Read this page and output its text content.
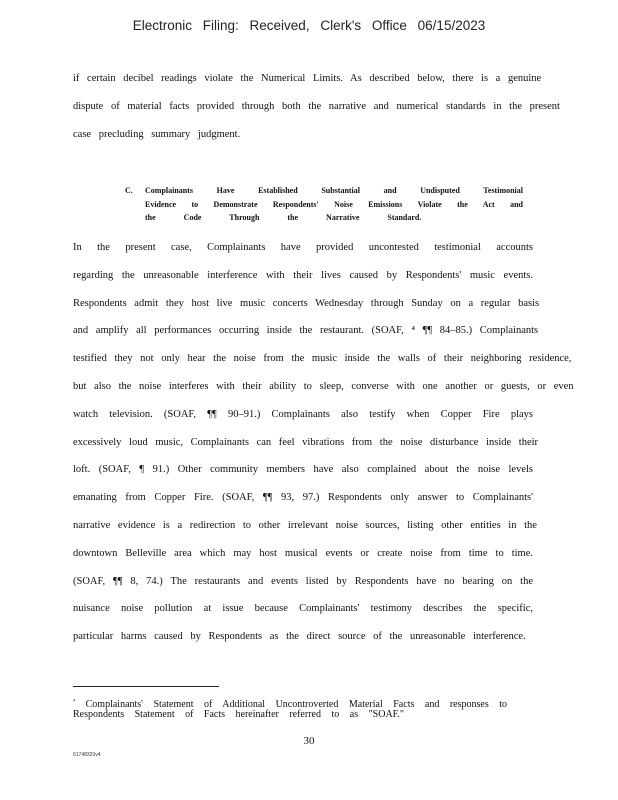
Electronic Filing: Received, Clerk's Office 06/15/2023
if certain decibel readings violate the Numerical Limits. As described below, there is a genuine
dispute of material facts provided through both the narrative and numerical standards in the present
case precluding summary judgment.
C. Complainants Have Established Substantial and Undisputed Testimonial
Evidence to Demonstrate Respondents' Noise Emissions Violate the Act and
the Code Through the Narrative Standard.
In the present case, Complainants have provided uncontested testimonial accounts
regarding the unreasonable interference with their lives caused by Respondents' music events.
Respondents admit they host live music concerts Wednesday through Sunday on a regular basis
and amplify all performances occurring inside the restaurant. (SOAF, ⁴ ¶¶ 84–85.) Complainants
testified they not only hear the noise from the music inside the walls of their neighboring residence,
but also the noise interferes with their ability to sleep, converse with one another or guests, or even
watch television. (SOAF, ¶¶ 90–91.) Complainants also testify when Copper Fire plays
excessively loud music, Complainants can feel vibrations from the noise disturbance inside their
loft. (SOAF, ¶ 91.) Other community members have also complained about the noise levels
emanating from Copper Fire. (SOAF, ¶¶ 93, 97.) Respondents only answer to Complainants'
narrative evidence is a redirection to other irrelevant noise sources, listing other entities in the
downtown Belleville area which may host musical events or create noise from time to time.
(SOAF, ¶¶ 8, 74.) The restaurants and events listed by Respondents have no bearing on the
nuisance noise pollution at issue because Complainants' testimony describes the specific,
particular harms caused by Respondents as the direct source of the unreasonable interference.
$^{^4}$ Complainants' Statement of Additional Uncontroverted Material Facts and responses to
Respondents Statement of Facts hereinafter referred to as "SOAF."
30
61748320v4
